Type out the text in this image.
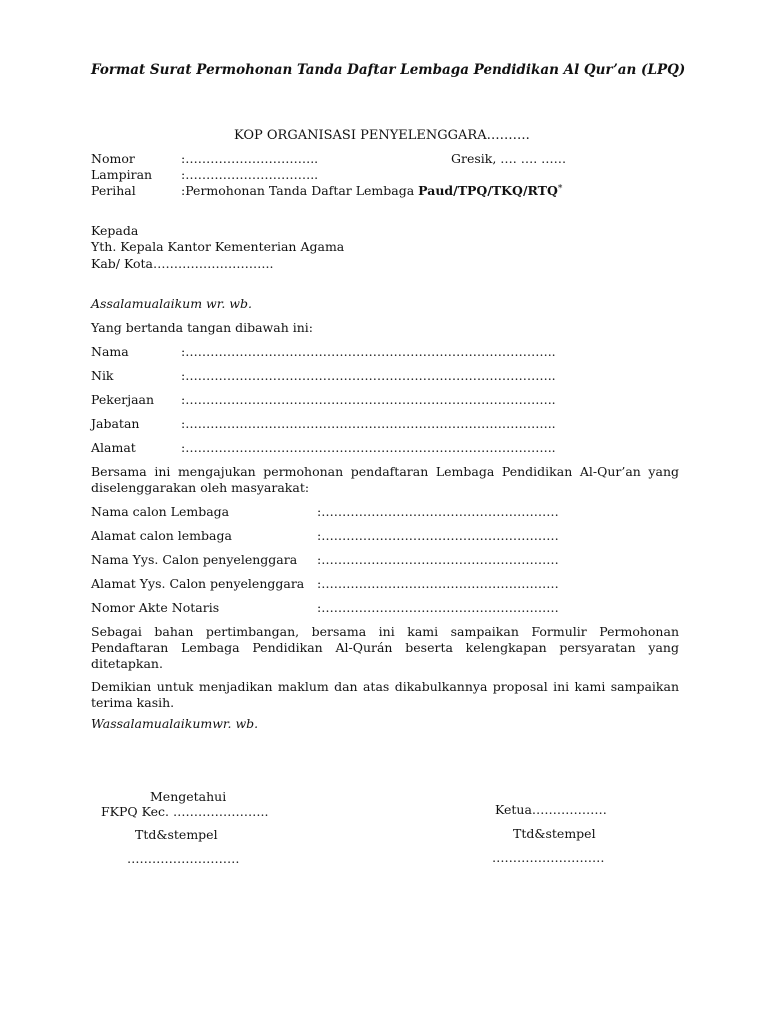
Format Surat Permohonan Tanda Daftar Lembaga Pendidikan Al Qur’an (LPQ)
KOP ORGANISASI PENYELENGGARA……….
Nomor	:…………………………..	Gresik, …. …. ……
Lampiran :…………………………..
Perihal	:Permohonan Tanda Daftar Lembaga Paud/TPQ/TKQ/RTQ*
Kepada
Yth. Kepala Kantor Kementerian Agama
Kab/ Kota………………………..
Assalamualaikum wr. wb.
Yang bertanda tangan dibawah ini:
Nama	:……………………………………………………………………………..
Nik	:……………………………………………………………………………..
Pekerjaan :……………………………………………………………………………..
Jabatan	:……………………………………………………………………………..
Alamat	:……………………………………………………………………………..
Bersama ini mengajukan permohonan pendaftaran Lembaga Pendidikan Al-Qur’an yang diselenggarakan oleh masyarakat:
Nama calon Lembaga	:…………………………………………………
Alamat calon lembaga	:…………………………………………………
Nama Yys. Calon penyelenggara :…………………………………………………
Alamat Yys. Calon penyelenggara :…………………………………………………
Nomor Akte Notaris	:…………………………………………………
Sebagai bahan pertimbangan, bersama ini kami sampaikan Formulir Permohonan Pendaftaran Lembaga Pendidikan Al-Qurán beserta kelengkapan persyaratan yang ditetapkan.
Demikian untuk menjadikan maklum dan atas dikabulkannya proposal ini kami sampaikan terima kasih.
Wassalamualaikumwr. wb.
Mengetahui
FKPQ Kec. …………………..
Ttd&stempel
………………………
Ketua………………
Ttd&stempel
………………………
